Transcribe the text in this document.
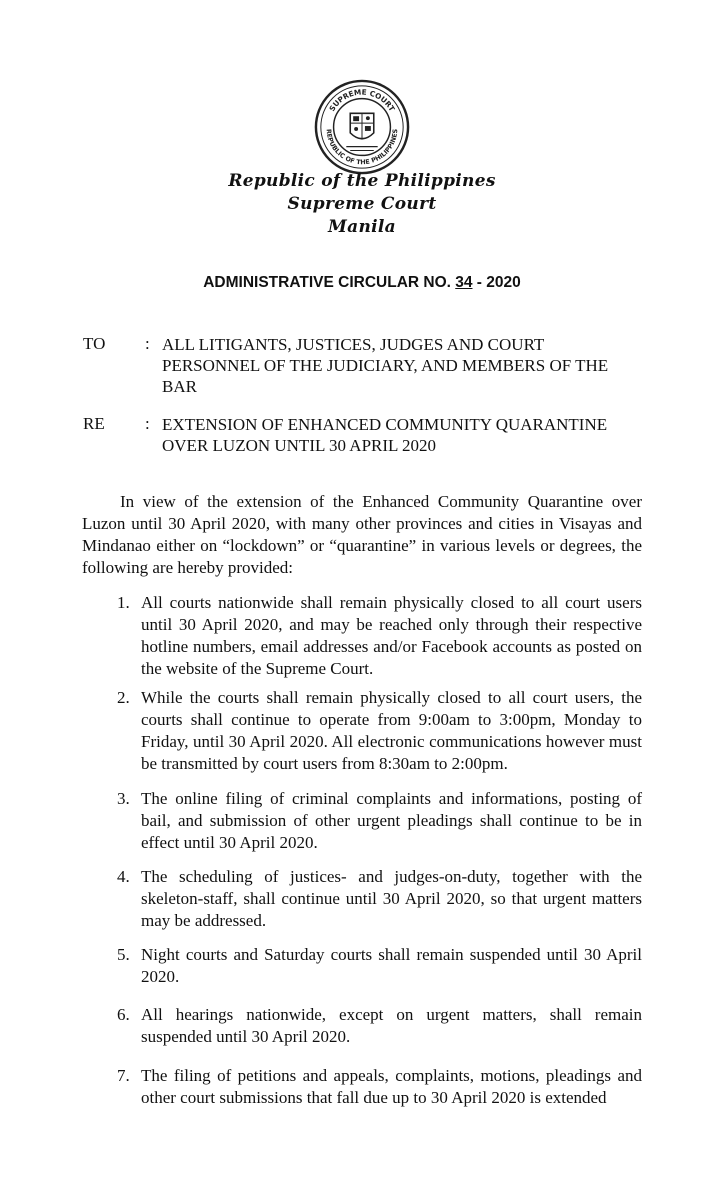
SUPREME COURT
REPUBLIC OF THE PHILIPPINES
Republic of the Philippines
Supreme Court
Manila
ADMINISTRATIVE CIRCULAR NO. 34 - 2020
TO : ALL LITIGANTS, JUSTICES, JUDGES AND COURT PERSONNEL OF THE JUDICIARY, AND MEMBERS OF THE BAR
RE : EXTENSION OF ENHANCED COMMUNITY QUARANTINE OVER LUZON UNTIL 30 APRIL 2020
In view of the extension of the Enhanced Community Quarantine over Luzon until 30 April 2020, with many other provinces and cities in Visayas and Mindanao either on “lockdown” or “quarantine” in various levels or degrees, the following are hereby provided:
1. All courts nationwide shall remain physically closed to all court users until 30 April 2020, and may be reached only through their respective hotline numbers, email addresses and/or Facebook accounts as posted on the website of the Supreme Court.
2. While the courts shall remain physically closed to all court users, the courts shall continue to operate from 9:00am to 3:00pm, Monday to Friday, until 30 April 2020. All electronic communications however must be transmitted by court users from 8:30am to 2:00pm.
3. The online filing of criminal complaints and informations, posting of bail, and submission of other urgent pleadings shall continue to be in effect until 30 April 2020.
4. The scheduling of justices- and judges-on-duty, together with the skeleton-staff, shall continue until 30 April 2020, so that urgent matters may be addressed.
5. Night courts and Saturday courts shall remain suspended until 30 April 2020.
6. All hearings nationwide, except on urgent matters, shall remain suspended until 30 April 2020.
7. The filing of petitions and appeals, complaints, motions, pleadings and other court submissions that fall due up to 30 April 2020 is extended
